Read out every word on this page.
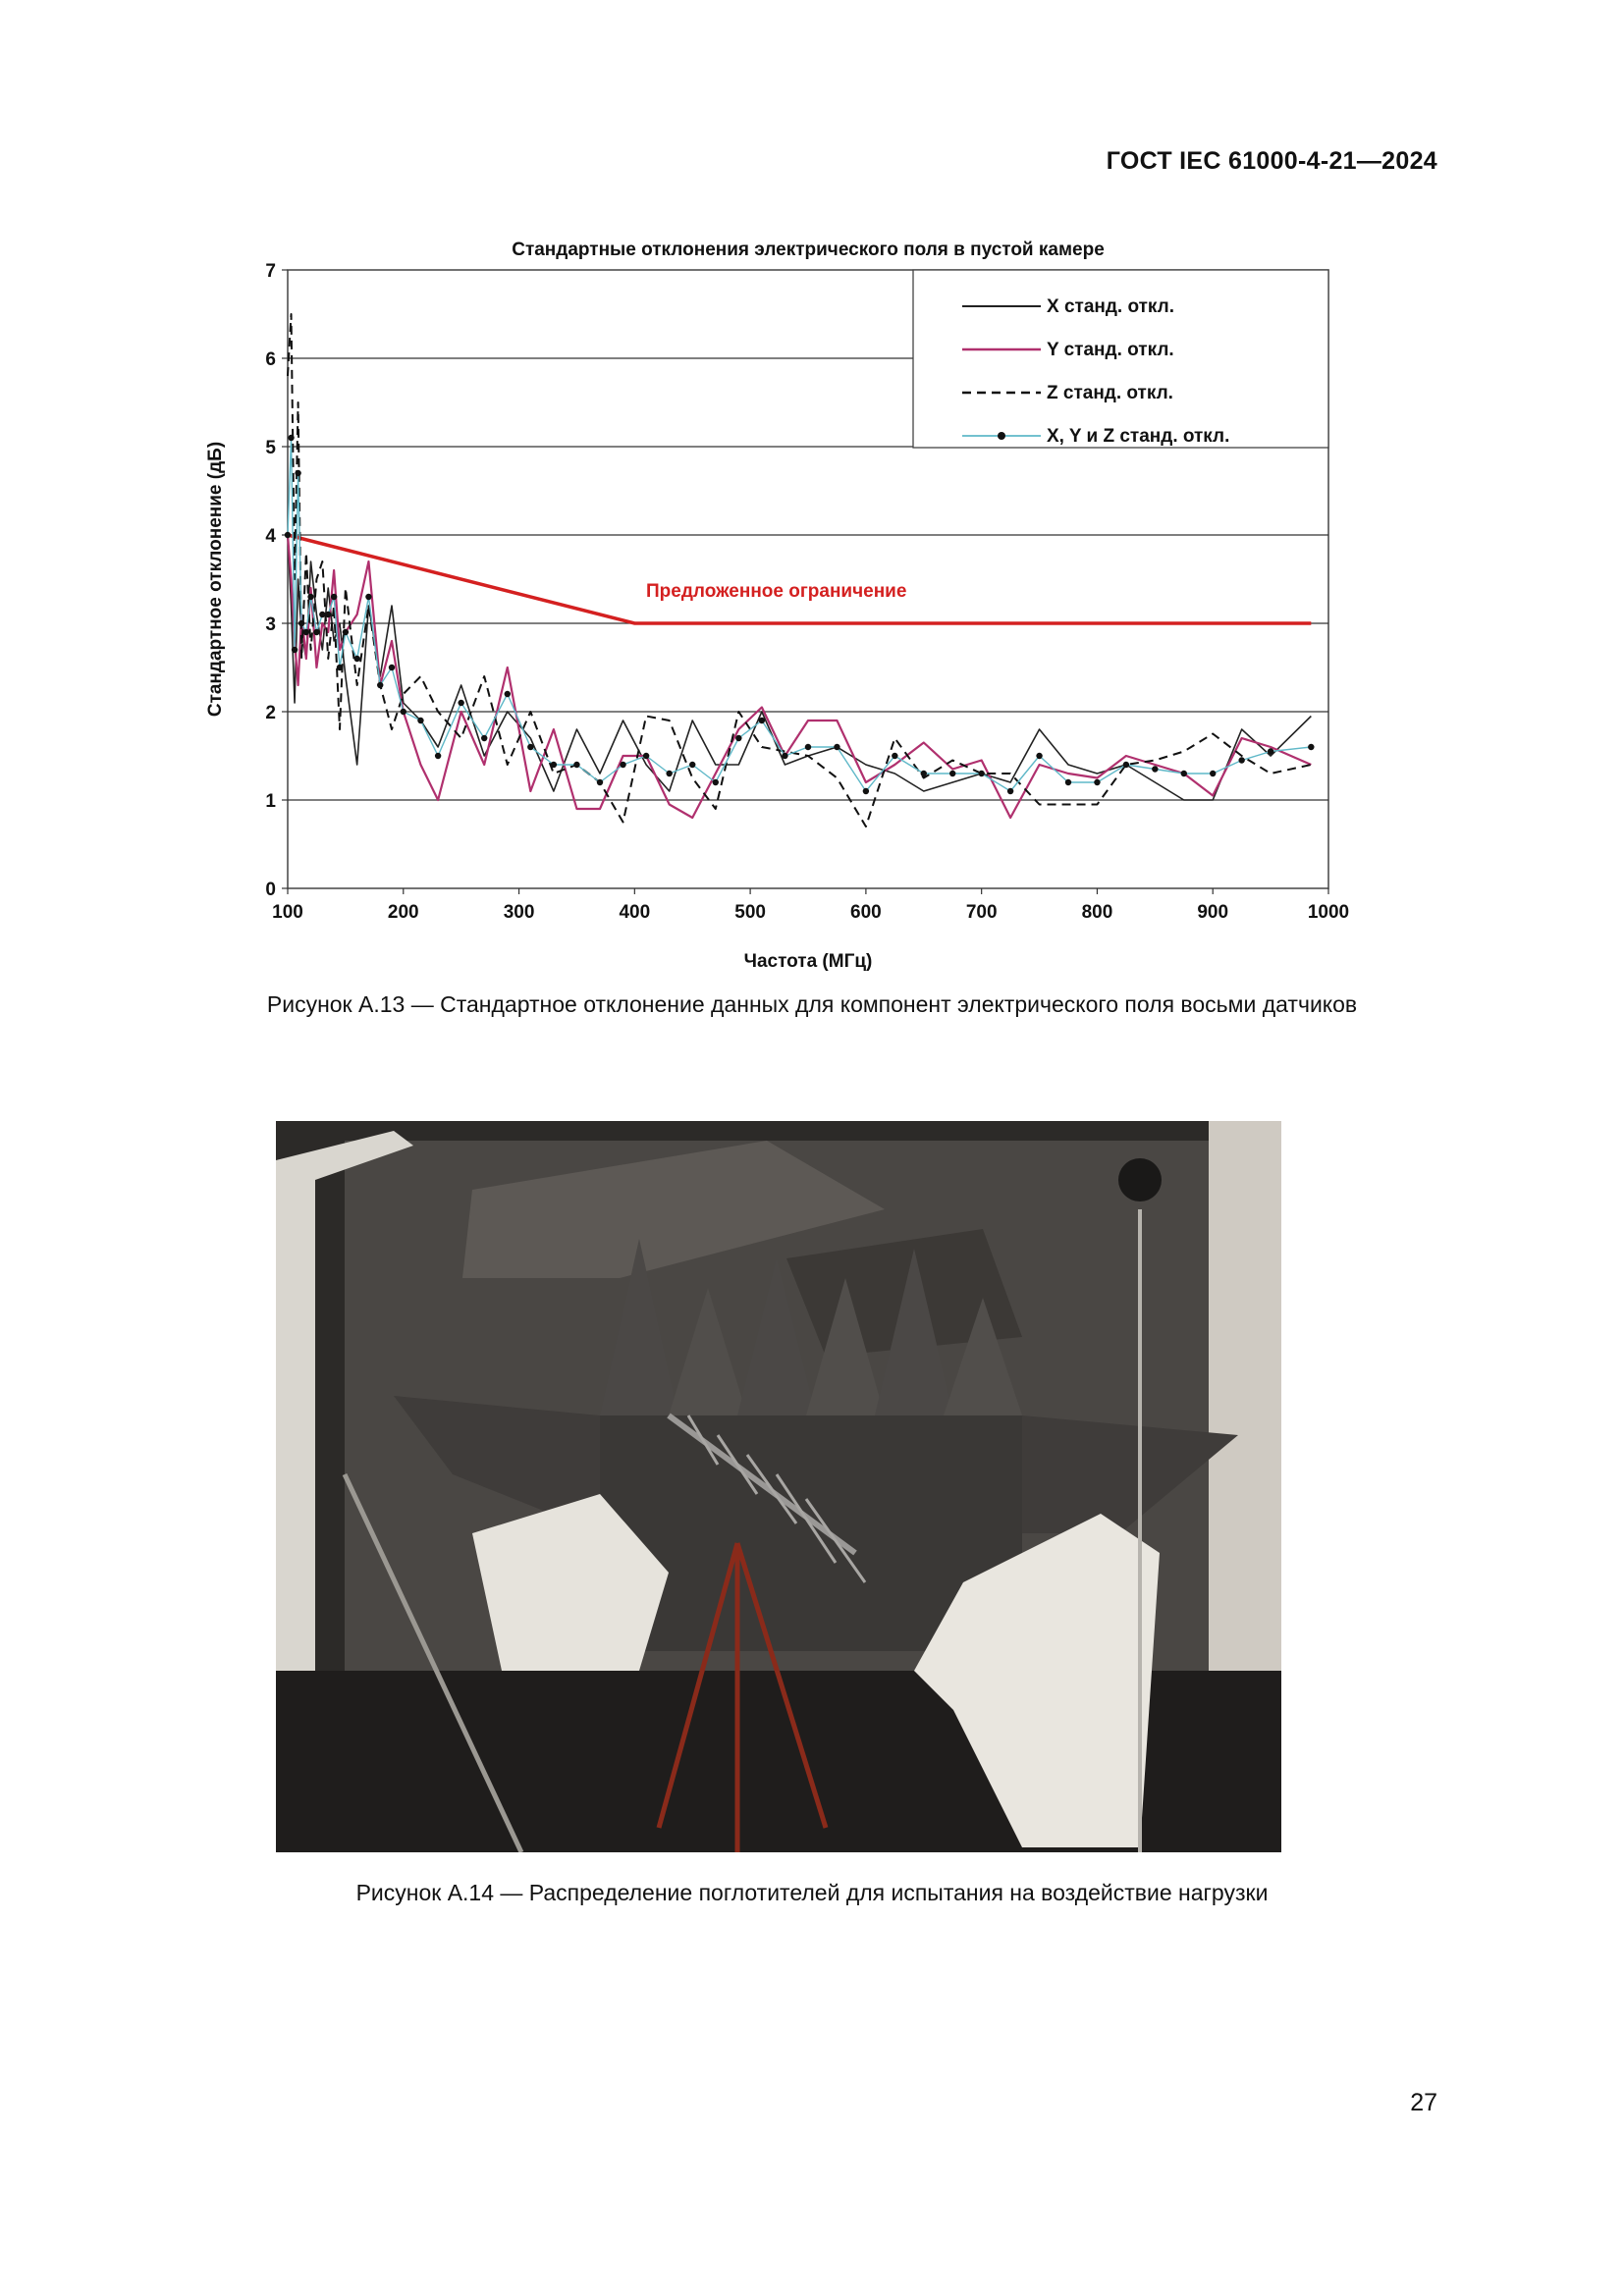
ГОСТ IEC 61000-4-21—2024
0
1
2
3
4
5
6
7
100	200	300	400	500	600	700	800	900	1000
Стандартные отклонения электрического поля в пустой камере
Частота (МГц)
Стандартное отклонение (дБ)	Предложенное ограничение
X станд. откл.
Y станд. откл.
Z станд. откл.
X, Y и Z станд. откл.
Рисунок А.13 — Стандартное отклонение данных для компонент электрического поля восьми датчиков
Рисунок А.14 — Распределение поглотителей для испытания на воздействие нагрузки
27
